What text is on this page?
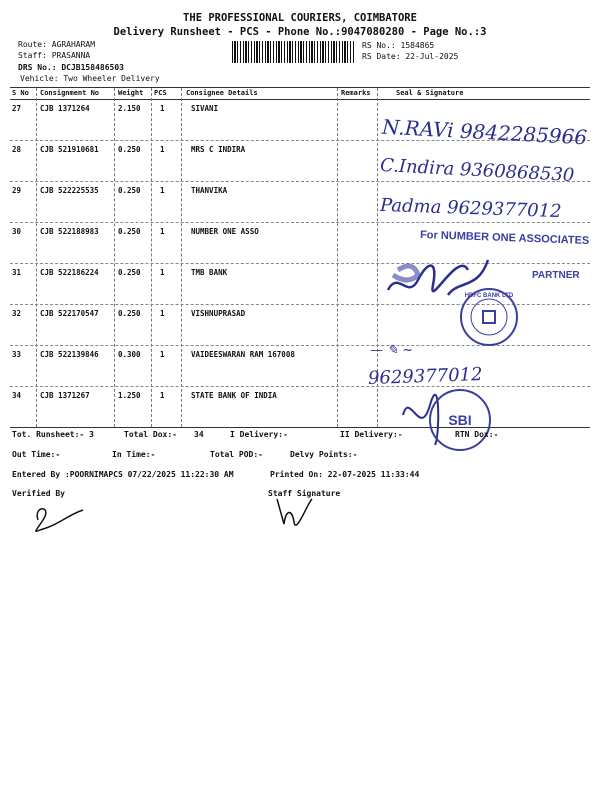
THE PROFESSIONAL COURIERS, COIMBATORE
Delivery Runsheet - PCS - Phone No.:9047080280 - Page No.:3
Route: AGRAHARAM
Staff: PRASANNA
DRS No.: DCJB158486503
Vehicle: Two Wheeler Delivery
RS No.: 1584865
RS Date: 22-Jul-2025
S No Consignment No	Weight PCS	Consignee Details	Remarks	Seal & Signature
27	CJB 1371264	2.150	1	SIVANI
28	CJB 521910681	0.250	1	MRS C INDIRA
29	CJB 522225535	0.250	1	THANVIKA
30	CJB 522188983	0.250	1	NUMBER ONE ASSO
31	CJB 522186224	0.250	1	TMB BANK
32	CJB 522170547	0.250	1	VISHNUPRASAD
33	CJB 522139846	0.300	1	VAIDEESWARAN RAM 167008
34	CJB 1371267	1.250	1	STATE BANK OF INDIA
N.RAVi 9842285966
C.Indira 9360868530
Padma 9629377012
For NUMBER ONE ASSOCIATES
PARTNER
HDFC BANK LTD
— ✎ ~
9629377012
SBI
Tot. Runsheet:- 3	Total Dox:- 34	I Delivery:-	II Delivery:-	RTN Dox:-
Out Time:-	In Time:-	Total POD:-	Delvy Points:-
Entered By :POORNIMAPCS 07/22/2025 11:22:30 AM	Printed On: 22-07-2025 11:33:44
Verified By	Staff Signature
